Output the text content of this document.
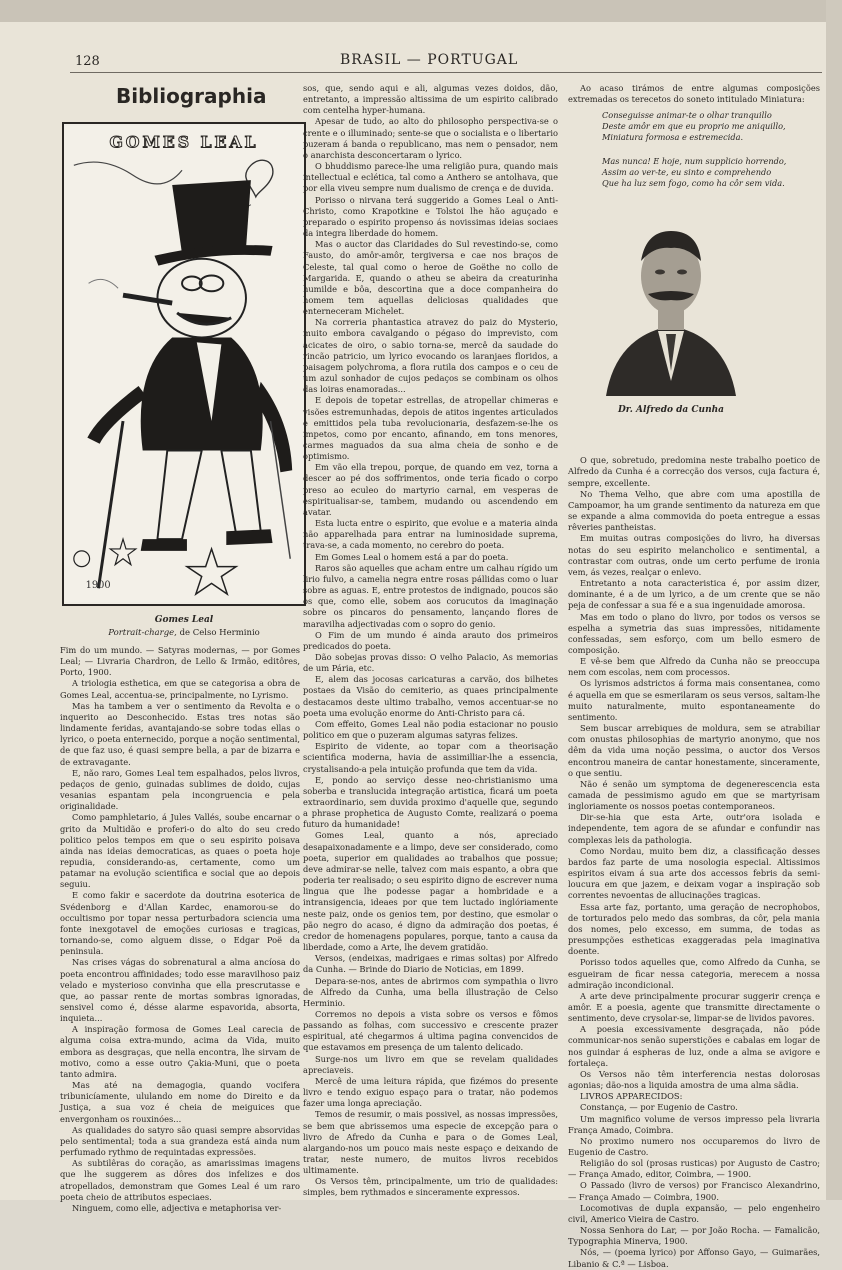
128	BRASIL — PORTUGAL
Bibliographia
GOMES LEAL
1900
Gomes Leal
Portrait-charge, de Celso Herminio

Fim do um mundo. — Satyras modernas, — por Gomes Leal; — Livraria Chardron, de Lello & Irmão, editôres, Porto, 1900.

A triologia esthetica, em que se categorisa a obra de Gomes Leal, accentua-se, principalmente, no Lyrismo.

Mas ha tambem a ver o sentimento da Revolta e o inquerito ao Desconhecido. Estas tres notas são lindamente feridas, avantajando-se sobre todas ellas o lyrico, o poeta enternecido, porque a noção sentimental, de que faz uso, é quasi sempre bella, a par de bizarra e de extravagante.

E, não raro, Gomes Leal tem espalhados, pelos livros, pedaços de genio, guinadas sublimes de doido, cujas vesanias espantam pela incongruencia e pela originalidade.

Como pamphletario, á Jules Vallés, soube encarnar o grito da Multidão e proferi-o do alto do seu credo politico pelos tempos em que o seu espirito poisava ainda nas ideias democraticas, as quaes o poeta hoje repudia, considerando-as, certamente, como um patamar na evolução scientifica e social que ao depois seguiu.

E como fakir e sacerdote da doutrina esoterica de Svédenborg e d'Allan Kardec, enamorou-se do occultismo por topar nessa perturbadora sciencia uma fonte inexgotavel de emoções curiosas e tragicas, tornando-se, como alguem disse, o Edgar Poë da peninsula.

Nas crises vágas do sobrenatural a alma ancíosa do poeta encontrou affinidades; todo esse maravilhoso paiz velado e mysterioso convinha que ella prescrutasse e que, ao passar rente de mortas sombras ignoradas, sensivel como é, désse alarme espavorida, absorta, inquieta...

A inspiração formosa de Gomes Leal carecia de alguma coisa extra-mundo, acima da Vida, muito embora as desgraças, que nella encontra, lhe sirvam de motivo, como a esse outro Çakia-Muni, que o poeta tanto admira.

Mas até na demagogia, quando vocifera tribunicíamente, ululando em nome do Direito e da Justiça, a sua voz é cheia de meiguices que envergonham os rouxinóes...

As qualidades do satyro são quasi sempre absorvidas pelo sentimental; toda a sua grandeza está ainda num perfumado rythmo de requintadas expressões.

As subtilêras do coração, as amarissimas imagens que lhe suggerem as dôres dos infelizes e dos atropellados, demonstram que Gomes Leal é um raro poeta cheio de attributos especiaes.

Ninguem, como elle, adjectiva e metaphorisa ver-

sos, que, sendo aqui e ali, algumas vezes doidos, dão, entretanto, a impressão altissima de um espirito calibrado com centelha hyper-humana.

Apesar de tudo, ao alto do philosopho perspectiva-se o crente e o illuminado; sente-se que o socialista e o libertario puzeram á banda o republicano, mas nem o pensador, nem o anarchista desconcertaram o lyrico.

O bhuddismo parece-lhe uma religião pura, quando mais intellectual e eclética, tal como a Anthero se antolhava, que por ella viveu sempre num dualismo de crença e de duvida.

Porisso o nirvana terá suggerido a Gomes Leal o Anti-Christo, como Krapotkine e Tolstoi lhe hão aguçado e preparado o espirito propenso ás novissimas ideias sociaes da integra liberdade do homem.

Mas o auctor das Claridades do Sul revestindo-se, como Fausto, do amôr-amôr, tergiversa e cae nos braços de Celeste, tal qual como o heroe de Goëthe no collo de Margarida. E, quando o atheu se abeira da creaturinha humilde e bôa, descortina que a doce companheira do homem tem aquellas deliciosas qualidades que enterneceram Michelet.

Na correria phantastica atravez do paiz do Mysterio, muito embora cavalgando o pégaso do imprevisto, com acicates de oiro, o sabio torna-se, mercê da saudade do rincão patricio, um lyrico evocando os laranjaes floridos, a paisagem polychroma, a flora rutila dos campos e o ceu de um azul sonhador de cujos pedaços se combinam os olhos das loiras enamoradas...

E depois de topetar estrellas, de atropellar chimeras e visões estremunhadas, depois de atitos ingentes articulados e emittidos pela tuba revolucionaria, desfazem-se-lhe os impetos, como por encanto, afinando, em tons menores, carmes maguados da sua alma cheia de sonho e de optimismo.

Em vão ella trepou, porque, de quando em vez, torna a descer ao pé dos soffrimentos, onde teria ficado o corpo preso ao eculeo do martyrio carnal, em vesperas de espiritualisar-se, tambem, mudando ou ascendendo em avatar.

Esta lucta entre o espirito, que evolue e a materia ainda não apparelhada para entrar na luminosidade suprema, trava-se, a cada momento, no cerebro do poeta.

Em Gomes Leal o homem está a par do poeta.

Raros são aquelles que acham entre um calhau rígido um lirio fulvo, a camelia negra entre rosas pállidas como o luar sobre as aguas. E, entre protestos de indignado, poucos são os que, como elle, sobem aos corucutos da imaginação sobre os pincaros do pensamento, lançando flores de maravilha adjectivadas com o sopro do genio.

O Fim de um mundo é ainda arauto dos primeiros predicados do poeta.

Dão sobejas provas disso: O velho Palacio, As memorias de um Pária, etc.

E, alem das jocosas caricaturas a carvão, dos bilhetes postaes da Visão do cemiterio, as quaes principalmente destacamos deste ultimo trabalho, vemos accentuar-se no poeta uma evolução enorme do Anti-Christo para cá.

Com effeito, Gomes Leal não podia estacionar no pousio politico em que o puzeram algumas satyras felizes.

Espirito de vidente, ao topar com a theorisação scientifica moderna, havia de assimilliar-lhe a essencia, crystalisando-a pela intuição profunda que tem da vida.

E, pondo ao serviço desse neo-christianismo uma soberba e translucida integração artistica, ficará um poeta extraordinario, sem duvida proximo d'aquelle que, segundo a phrase prophetica de Augusto Comte, realizará o poema futuro da humanidade!

Gomes Leal, quanto a nós, apreciado desapaixonadamente e a limpo, deve ser considerado, como poeta, superior em qualidades ao trabalhos que possue; deve admirar-se nelle, talvez com mais espanto, a obra que poderia ter realisado; o seu espirito digno de escrever numa lingua que lhe podesse pagar a hombridade e a intransigencia, ideaes por que tem luctado inglóriamente neste paiz, onde os genios tem, por destino, que esmolar o pão negro do acaso, é digno da admiração dos poetas, é credor de homenagens populares, porque, tanto a causa da liberdade, como a Arte, lhe devem gratidão.

Versos, (endeixas, madrigaes e rimas soltas) por Alfredo da Cunha. — Brinde do Diario de Noticias, em 1899.

Depara-se-nos, antes de abrirmos com sympathia o livro de Alfredo da Cunha, uma bella illustração de Celso Herminio.

Corremos no depois a vista sobre os versos e fômos passando as folhas, com successivo e crescente prazer espiritual, até chegarmos á ultima pagina convencidos de que estavamos em presença de um talento delicado.

Surge-nos um livro em que se revelam qualidades apreciaveis.

Mercê de uma leitura rápida, que fizémos do presente livro e tendo exiguo espaço para o tratar, não podemos fazer uma longa apreciação.

Temos de resumir, o mais possivel, as nossas impressões, se bem que abrissemos uma especie de excepção para o livro de Afredo da Cunha e para o de Gomes Leal, alargando-nos um pouco mais neste espaço e deixando de tratar, neste numero, de muitos livros recebidos ultimamente.

Os Versos têm, principalmente, um trio de qualidades: simples, bem rythmados e sinceramente expressos.

Ao acaso tirámos de entre algumas composições extremadas os terecetos do soneto intitulado Miniatura:

O que, sobretudo, predomina neste trabalho poetico de Alfredo da Cunha é a correcção dos versos, cuja factura é, sempre, excellente.

No Thema Velho, que abre com uma apostilla de Campoamor, ha um grande sentimento da natureza em que se expande a alma commovida do poeta entregue a essas rêveries pantheistas.

Em muitas outras composições do livro, ha diversas notas do seu espirito melancholico e sentimental, a contrastar com outras, onde um certo perfume de ironia vem, ás vezes, realçar o enlevo.

Entretanto a nota caracteristica é, por assim dizer, dominante, é a de um lyrico, a de um crente que se não peja de confessar a sua fé e a sua ingenuidade amorosa.

Mas em todo o plano do livro, por todos os versos se espelha a symetria das suas impressões, nitidamente confessadas, sem esforço, com um bello esmero de composição.

E vê-se bem que Alfredo da Cunha não se preoccupa nem com escolas, nem com processos.

Os lyrismos adstrictos á forma mais consentanea, como é aquella em que se esmerilaram os seus versos, saltam-lhe muito naturalmente, muito espontaneamente do sentimento.

Sem buscar arrebiques de moldura, sem se atrabiliar com onustas philosophias de martyrio anonymo, que nos dêm da vida uma noção pessima, o auctor dos Versos encontrou maneira de cantar honestamente, sinceramente, o que sentiu.

Não é senão um symptoma de degenerescencia esta camada de pessimismo agudo em que se martyrisam ingloriamente os nossos poetas contemporaneos.

Dir-se-hia que esta Arte, outr'ora isolada e independente, tem agora de se afundar e confundir nas complexas leis da pathologia.

Como Nordau, muito bem diz, a classificação desses bardos faz parte de uma nosologia especial. Altissimos espiritos eivam á sua arte dos accessos febris da semi-loucura em que jazem, e deixam vogar a inspiração sob correntes nevoentas de allucinações tragicas.

Essa arte faz, portanto, uma geração de necrophobos, de torturados pelo medo das sombras, da côr, pela mania dos nomes, pelo excesso, em summa, de todas as presumpções estheticas exaggeradas pela imaginativa doente.

Porisso todos aquelles que, como Alfredo da Cunha, se esgueiram de ficar nessa categoria, merecem a nossa admiração incondicional.

A arte deve principalmente procurar suggerir crença e amôr. E a poesia, agente que transmitte directamente o sentimento, deve crysolar-se, limpar-se de lividos pavores.

A poesia excessivamente desgraçada, não póde communicar-nos senão superstições e cabalas em logar de nos guindar á espheras de luz, onde a alma se avigore e fortaleça.

Os Versos não têm interferencia nestas dolorosas agonias; dão-nos a liquida amostra de uma alma sãdia.

LIVROS APPARECIDOS:

Constança, — por Eugenio de Castro.

Um magnifico volume de versos impresso pela livraria França Amado, Coimbra.

No proximo numero nos occuparemos do livro de Eugenio de Castro.

Religião do sol (prosas rusticas) por Augusto de Castro; — França Amado, editor, Coimbra, — 1900.

O Passado (livro de versos) por Francisco Alexandrino, — França Amado — Coimbra, 1900.

Locomotivas de dupla expansão, — pelo engenheiro civil, Americo Vieira de Castro.

Nossa Senhora do Lar, — por João Rocha. — Famalicão, Typographia Minerva, 1900.

Nós, — (poema lyrico) por Affonso Gayo, — Guimarães, Libanio & C.ª — Lisboa.

Conseguisse animar-te o olhar tranquillo
Deste amôr em que eu proprio me aniquillo,
Miniatura formosa e estremecida.
Mas nunca! E hoje, num supplicio horrendo,
Assim ao ver-te, eu sinto e comprehendo
Que ha luz sem fogo, como ha côr sem vida.
Dr. Alfredo da Cunha
